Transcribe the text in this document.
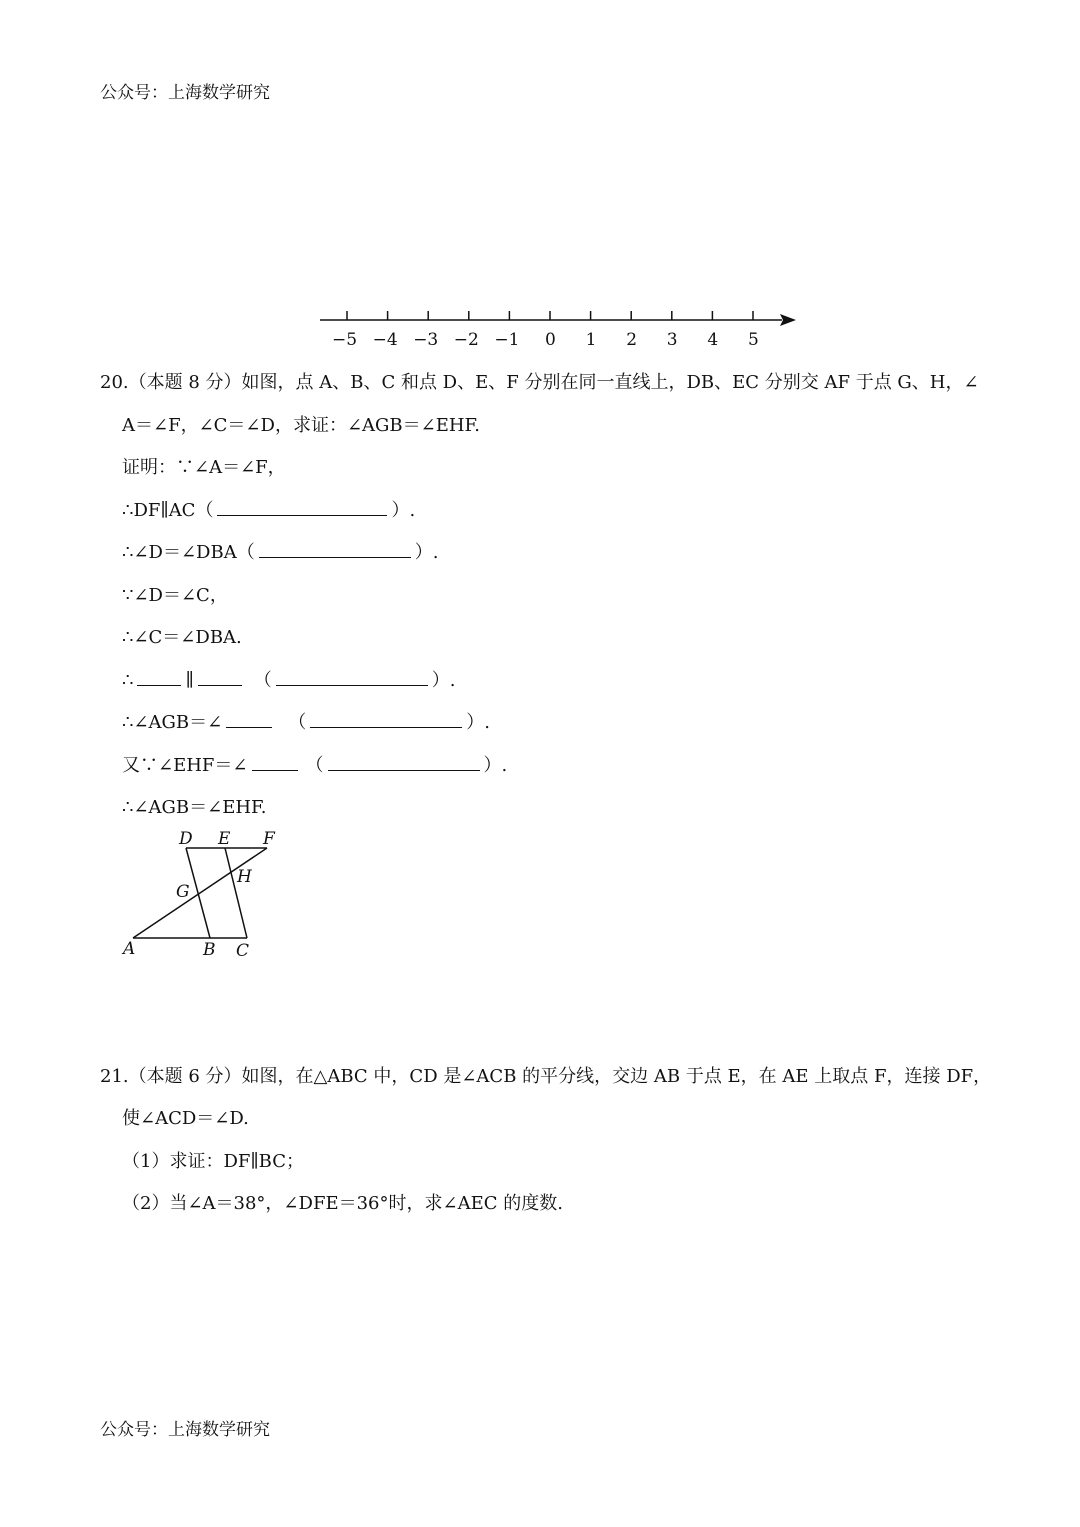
公众号：上海数学研究
−5 −4 −3 −2 −1 0 1 2 3 4 5
20.（本题 8 分）如图，点 A、B、C 和点 D、E、F 分别在同一直线上，DB、EC 分别交 AF 于点 G、H，∠
A＝∠F，∠C＝∠D，求证：∠AGB＝∠EHF.
证明：∵∠A＝∠F，
∴DF∥AC（	）.
∴∠D＝∠DBA（	）.
∵∠D＝∠C，
∴∠C＝∠DBA.
∴	∥	（	）.
∴∠AGB＝∠	（	）.
又∵∠EHF＝∠	（	）.
∴∠AGB＝∠EHF.
D E F
G
H
A	B C
21.（本题 6 分）如图，在△ABC 中，CD 是∠ACB 的平分线，交边 AB 于点 E，在 AE 上取点 F，连接 DF，
使∠ACD＝∠D.
（1）求证：DF∥BC；
（2）当∠A＝38°，∠DFE＝36°时，求∠AEC 的度数.
公众号：上海数学研究
